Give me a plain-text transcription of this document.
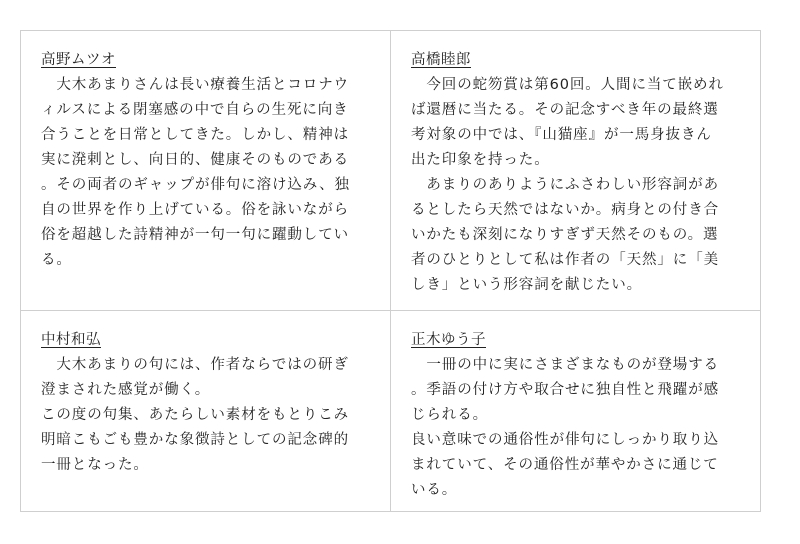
高野ムツオ
　大木あまりさんは長い療養生活とコロナウ
ィルスによる閉塞感の中で自らの生死に向き
合うことを日常としてきた。しかし、精神は
実に溌剌とし、向日的、健康そのものである
。その両者のギャップが俳句に溶け込み、独
自の世界を作り上げている。俗を詠いながら
俗を超越した詩精神が一句一句に躍動してい
る。
高橋睦郎
　今回の蛇笏賞は第60回。人間に当て嵌めれ
ば還暦に当たる。その記念すべき年の最終選
考対象の中では、『山猫座』が一馬身抜きん
出た印象を持った。
　あまりのありようにふさわしい形容詞があ
るとしたら天然ではないか。病身との付き合
いかたも深刻になりすぎず天然そのもの。選
者のひとりとして私は作者の「天然」に「美
しき」という形容詞を献じたい。
中村和弘
　大木あまりの句には、作者ならではの研ぎ
澄まされた感覚が働く。
この度の句集、あたらしい素材をもとりこみ
明暗こもごも豊かな象徴詩としての記念碑的
一冊となった。
正木ゆう子
　一冊の中に実にさまざまなものが登場する
。季語の付け方や取合せに独自性と飛躍が感
じられる。
良い意味での通俗性が俳句にしっかり取り込
まれていて、その通俗性が華やかさに通じて
いる。
